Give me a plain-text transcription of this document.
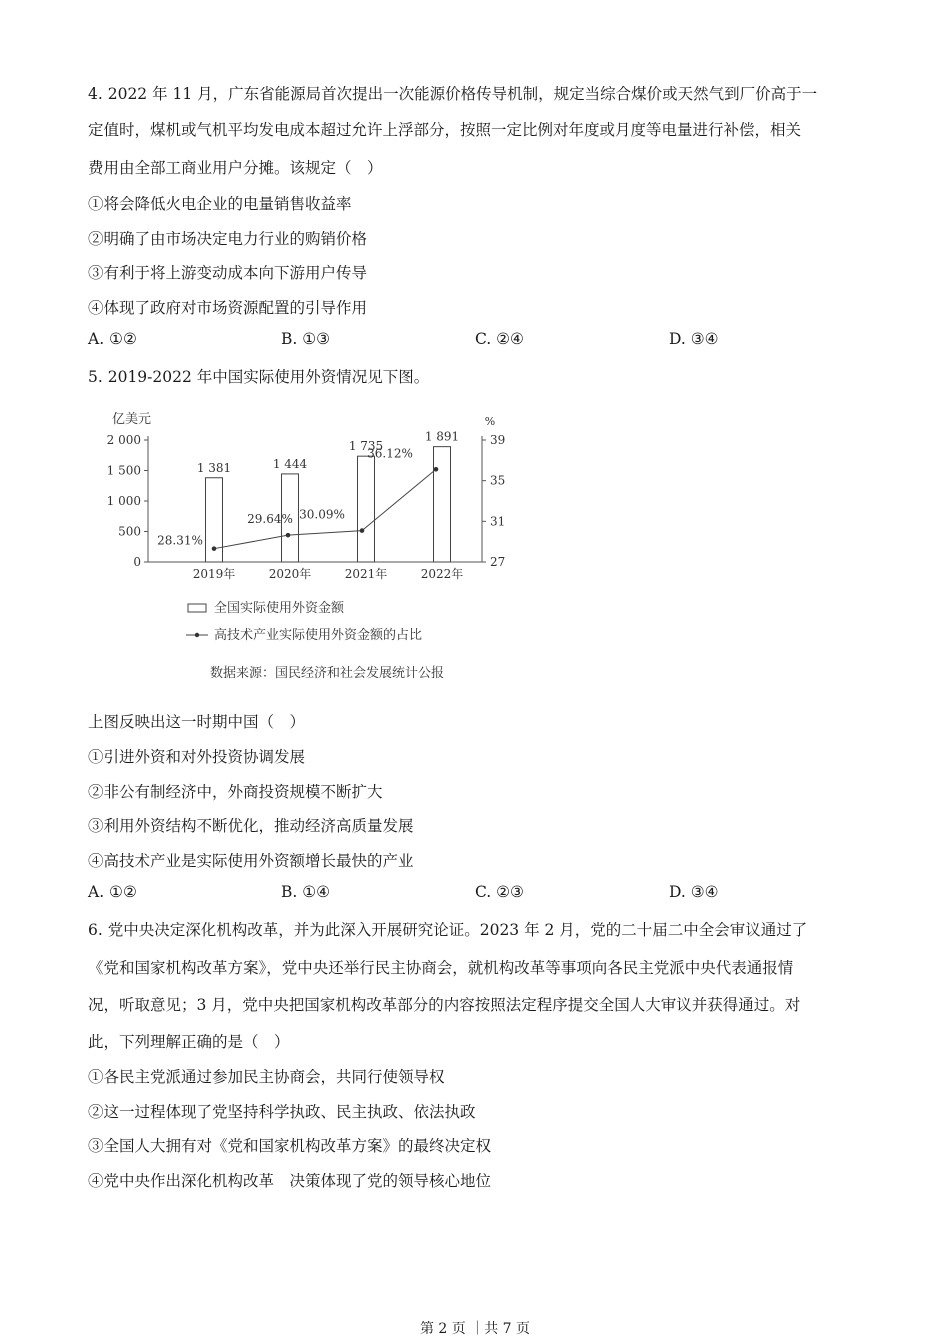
4. 2022 年 11 月，广东省能源局首次提出一次能源价格传导机制，规定当综合煤价或天然气到厂价高于一
定值时，煤机或气机平均发电成本超过允许上浮部分，按照一定比例对年度或月度等电量进行补偿，相关
费用由全部工商业用户分摊。该规定（　）
①将会降低火电企业的电量销售收益率
②明确了由市场决定电力行业的购销价格
③有利于将上游变动成本向下游用户传导
④体现了政府对市场资源配置的引导作用
A. ①②	B. ①③	C. ②④	D. ③④
5. 2019-2022 年中国实际使用外资情况见下图。
亿美元	%
0
500
1 000
1 500
2 000
27
31
35
39
1 381	1 444
1 735
1 891
2019年	2020年	2021年	2022年
28.31%
29.64% 30.09%
36.12%
全国实际使用外资金额
高技术产业实际使用外资金额的占比
数据来源：国民经济和社会发展统计公报
上图反映出这一时期中国（　）
①引进外资和对外投资协调发展
②非公有制经济中，外商投资规模不断扩大
③利用外资结构不断优化，推动经济高质量发展
④高技术产业是实际使用外资额增长最快的产业
A. ①②	B. ①④	C. ②③	D. ③④
6. 党中央决定深化机构改革，并为此深入开展研究论证。2023 年 2 月，党的二十届二中全会审议通过了
《党和国家机构改革方案》，党中央还举行民主协商会，就机构改革等事项向各民主党派中央代表通报情
况，听取意见；3 月，党中央把国家机构改革部分的内容按照法定程序提交全国人大审议并获得通过。对
此，下列理解正确的是（　）
①各民主党派通过参加民主协商会，共同行使领导权
②这一过程体现了党坚持科学执政、民主执政、依法执政
③全国人大拥有对《党和国家机构改革方案》的最终决定权
④党中央作出深化机构改革　决策体现了党的领导核心地位
第 2 页 ｜共 7 页
